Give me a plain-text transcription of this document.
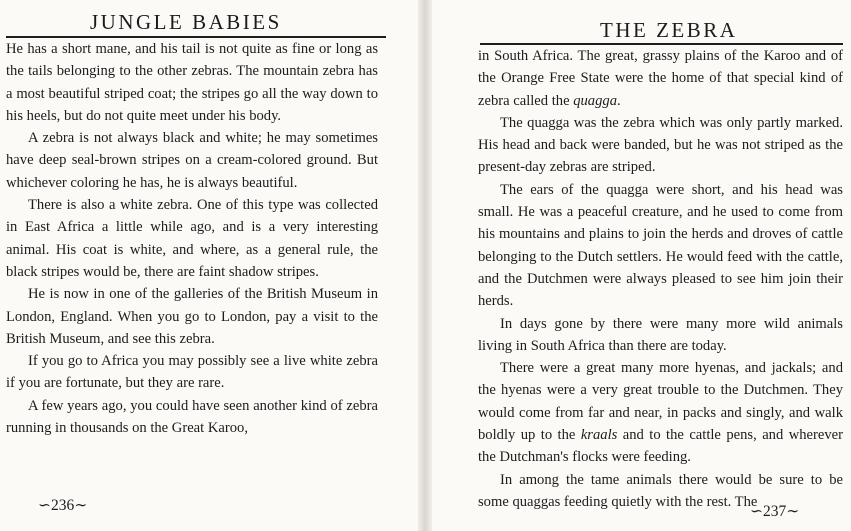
JUNGLE BABIES

He has a short mane, and his tail is not quite as fine or long as the tails belonging to the other zebras. The mountain zebra has a most beautiful striped coat; the stripes go all the way down to his heels, but do not quite meet under his body.

A zebra is not always black and white; he may sometimes have deep seal-brown stripes on a cream-colored ground. But whichever coloring he has, he is always beautiful.

There is also a white zebra. One of this type was collected in East Africa a little while ago, and is a very interesting animal. His coat is white, and where, as a general rule, the black stripes would be, there are faint shadow stripes.

He is now in one of the galleries of the British Museum in London, England. When you go to London, pay a visit to the British Museum, and see this zebra.

If you go to Africa you may possibly see a live white zebra if you are fortunate, but they are rare.

A few years ago, you could have seen another kind of zebra running in thousands on the Great Karoo,

∽236∼
THE ZEBRA

in South Africa. The great, grassy plains of the Karoo and of the Orange Free State were the home of that special kind of zebra called the quagga.

The quagga was the zebra which was only partly marked. His head and back were banded, but he was not striped as the present-day zebras are striped.

The ears of the quagga were short, and his head was small. He was a peaceful creature, and he used to come from his mountains and plains to join the herds and droves of cattle belonging to the Dutch settlers. He would feed with the cattle, and the Dutchmen were always pleased to see him join their herds.

In days gone by there were many more wild animals living in South Africa than there are today.

There were a great many more hyenas, and jackals; and the hyenas were a very great trouble to the Dutchmen. They would come from far and near, in packs and singly, and walk boldly up to the kraals and to the cattle pens, and wherever the Dutchman's flocks were feeding.

In among the tame animals there would be sure to be some quaggas feeding quietly with the rest. The

∽237∼
